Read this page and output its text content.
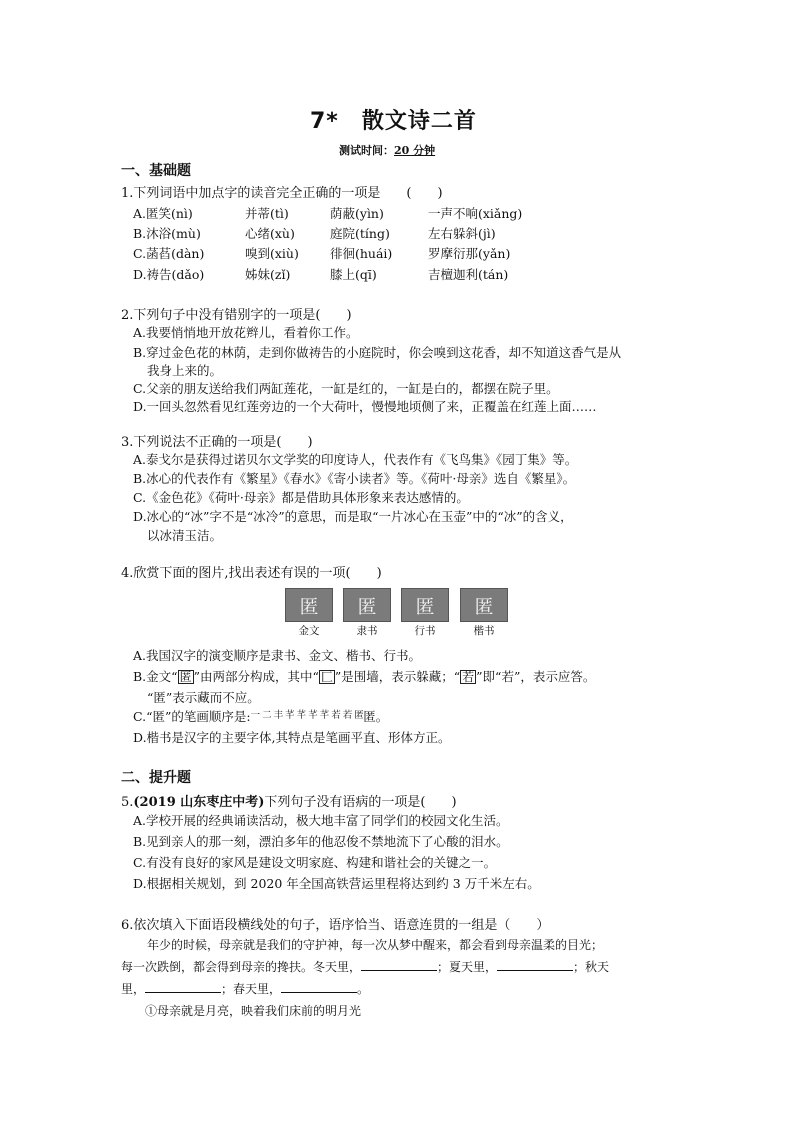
7*　散文诗二首
测试时间：20 分钟
一、基础题
1.下列词语中加点字的读音完全正确的一项是　　(　　)
A.匿笑(nì)	并蒂(tì)	荫蔽(yìn)	一声不响(xiǎng)
B.沐浴(mù)	心绪(xù)	庭院(tíng)	左右躲斜(jì)
C.菡萏(dàn)	嗅到(xiù) 徘徊(huái)	罗摩衍那(yǎn)
D.祷告(dǎo)	姊妹(zǐ)	膝上(qī)	吉檀迦利(tán)
2.下列句子中没有错别字的一项是(　　)
A.我要悄悄地开放花辫儿，看着你工作。
B.穿过金色花的林荫，走到你做祷告的小庭院时，你会嗅到这花香，却不知道这香气是从
我身上来的。
C.父亲的朋友送给我们两缸莲花，一缸是红的，一缸是白的，都摆在院子里。
D.一回头忽然看见红莲旁边的一个大荷叶，慢慢地顷侧了来，正覆盖在红莲上面……
3.下列说法不正确的一项是(　　)
A.泰戈尔是获得过诺贝尔文学奖的印度诗人，代表作有《飞鸟集》《园丁集》等。
B.冰心的代表作有《繁星》《春水》《寄小读者》等。《荷叶·母亲》选自《繁星》。
C.《金色花》《荷叶·母亲》都是借助具体形象来表达感情的。
D.冰心的“冰”字不是“冰冷”的意思，而是取“一片冰心在玉壶”中的“冰”的含义，
以冰清玉洁。
4.欣赏下面的图片,找出表述有误的一项(　　)
匿 匿 匿 匿
金文	隶书	行书	楷书
A.我国汉字的演变顺序是隶书、金文、楷书、行书。
B.金文“ 匿 ”由两部分构成，其中“ 匚 ”是围墙，表示躲藏；“ 若 ”即“若”，表示应答。
“匿”表示藏而不应。
C.“匿”的笔画顺序是:一 二 丰 芊 芊 芊 芊 若 若 匿匿。
D.楷书是汉字的主要字体,其特点是笔画平直、形体方正。
二、提升题
5.(2019 山东枣庄中考)下列句子没有语病的一项是(　　)
A.学校开展的经典诵读活动，极大地丰富了同学们的校园文化生活。
B.见到亲人的那一刻，漂泊多年的他忍俊不禁地流下了心酸的泪水。
C.有没有良好的家风是建设文明家庭、构建和谐社会的关键之一。
D.根据相关规划，到 2020 年全国高铁营运里程将达到约 3 万千米左右。
6.依次填入下面语段横线处的句子，语序恰当、语意连贯的一组是（　　）
年少的时候，母亲就是我们的守护神，每一次从梦中醒来，都会看到母亲温柔的目光；
每一次跌倒，都会得到母亲的搀扶。冬天里，	；夏天里，	；秋天
里，	；春天里，	。
①母亲就是月亮，映着我们床前的明月光
